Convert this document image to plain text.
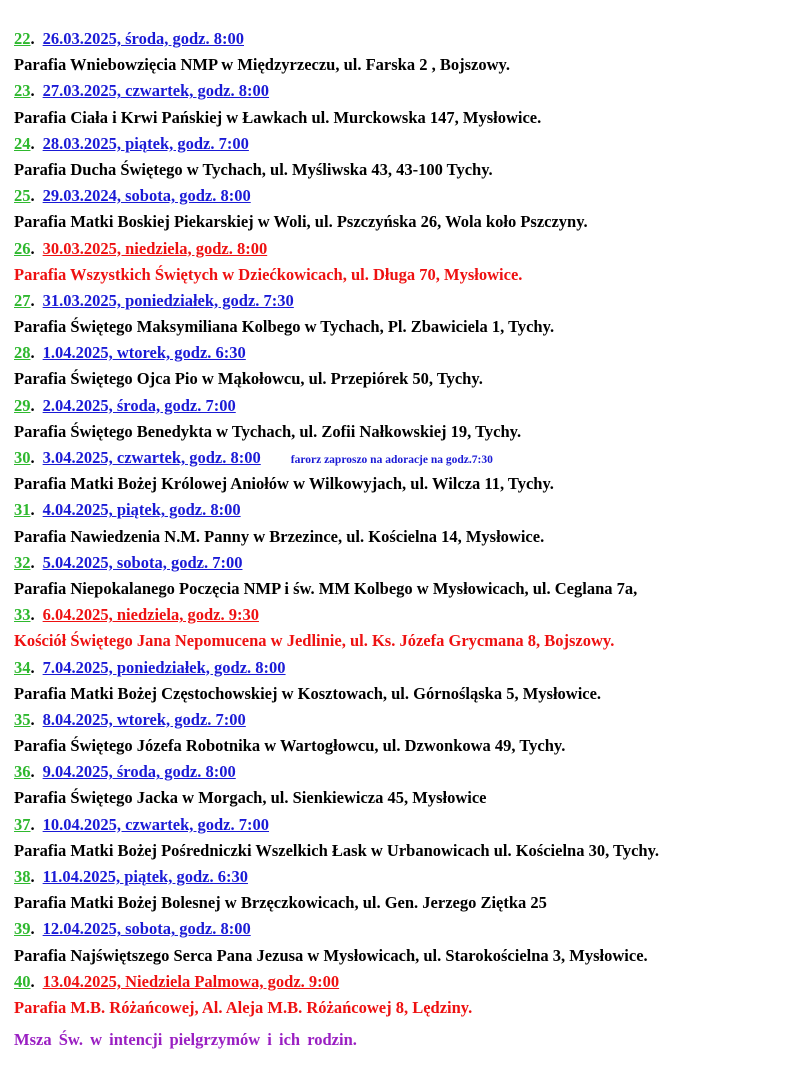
22. 26.03.2025, środa, godz. 8:00
Parafia Wniebowzięcia NMP w Międzyrzeczu, ul. Farska 2 , Bojszowy.
23. 27.03.2025, czwartek, godz. 8:00
Parafia Ciała i Krwi Pańskiej w Ławkach ul. Murckowska 147, Mysłowice.
24. 28.03.2025, piątek, godz. 7:00
Parafia Ducha Świętego w Tychach, ul. Myśliwska 43, 43-100 Tychy.
25. 29.03.2024, sobota, godz. 8:00
Parafia Matki Boskiej Piekarskiej w Woli, ul. Pszczyńska 26, Wola koło Pszczyny.
26. 30.03.2025, niedziela, godz. 8:00
Parafia Wszystkich Świętych w Dziećkowicach, ul. Długa 70, Mysłowice.
27. 31.03.2025, poniedziałek, godz. 7:30
Parafia Świętego Maksymiliana Kolbego w Tychach, Pl. Zbawiciela 1, Tychy.
28. 1.04.2025, wtorek, godz. 6:30
Parafia Świętego Ojca Pio w Mąkołowcu, ul. Przepiórek 50, Tychy.
29. 2.04.2025, środa, godz. 7:00
Parafia Świętego Benedykta w Tychach, ul. Zofii Nałkowskiej 19, Tychy.
30. 3.04.2025, czwartek, godz. 8:00	farorz zaproszo na adoracje na godz.7:30
Parafia Matki Bożej Królowej Aniołów w Wilkowyjach, ul. Wilcza 11, Tychy.
31. 4.04.2025, piątek, godz. 8:00
Parafia Nawiedzenia N.M. Panny w Brzezince, ul. Kościelna 14, Mysłowice.
32. 5.04.2025, sobota, godz. 7:00
Parafia Niepokalanego Poczęcia NMP i św. MM Kolbego w Mysłowicach, ul. Ceglana 7a,
33. 6.04.2025, niedziela, godz. 9:30
Kościół Świętego Jana Nepomucena w Jedlinie, ul. Ks. Józefa Grycmana 8, Bojszowy.
34. 7.04.2025, poniedziałek, godz. 8:00
Parafia Matki Bożej Częstochowskiej w Kosztowach, ul. Górnośląska 5, Mysłowice.
35. 8.04.2025, wtorek, godz. 7:00
Parafia Świętego Józefa Robotnika w Wartogłowcu, ul. Dzwonkowa 49, Tychy.
36. 9.04.2025, środa, godz. 8:00
Parafia Świętego Jacka w Morgach, ul. Sienkiewicza 45, Mysłowice
37. 10.04.2025, czwartek, godz. 7:00
Parafia Matki Bożej Pośredniczki Wszelkich Łask w Urbanowicach ul. Kościelna 30, Tychy.
38. 11.04.2025, piątek, godz. 6:30
Parafia Matki Bożej Bolesnej w Brzęczkowicach, ul. Gen. Jerzego Ziętka 25
39. 12.04.2025, sobota, godz. 8:00
Parafia Najświętszego Serca Pana Jezusa w Mysłowicach, ul. Starokościelna 3, Mysłowice.
40. 13.04.2025, Niedziela Palmowa, godz. 9:00
Parafia M.B. Różańcowej, Al. Aleja M.B. Różańcowej 8, Lędziny.
Msza Św. w intencji pielgrzymów i ich rodzin.
